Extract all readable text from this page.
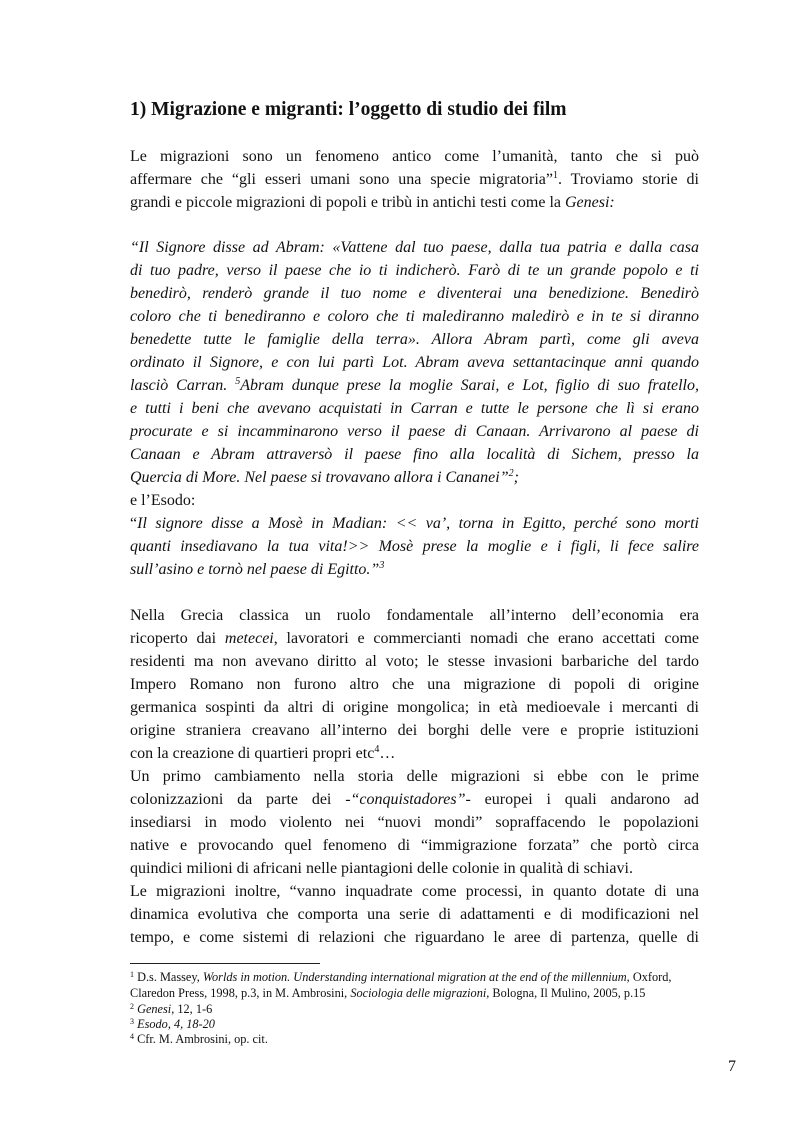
1) Migrazione e migranti: l’oggetto di studio dei film
Le migrazioni sono un fenomeno antico come l’umanità, tanto che si può
affermare che “gli esseri umani sono una specie migratoria”$^1$. Troviamo storie di
grandi e piccole migrazioni di popoli e tribù in antichi testi come la Genesi:
“Il Signore disse ad Abram: «Vattene dal tuo paese, dalla tua patria e dalla casa
di tuo padre, verso il paese che io ti indicherò. Farò di te un grande popolo e ti
benedirò, renderò grande il tuo nome e diventerai una benedizione. Benedirò
coloro che ti benediranno e coloro che ti malediranno maledirò e in te si diranno
benedette tutte le famiglie della terra». Allora Abram partì, come gli aveva
ordinato il Signore, e con lui partì Lot. Abram aveva settantacinque anni quando
lasciò Carran. $^5$Abram dunque prese la moglie Sarai, e Lot, figlio di suo fratello,
e tutti i beni che avevano acquistati in Carran e tutte le persone che lì si erano
procurate e si incamminarono verso il paese di Canaan. Arrivarono al paese di
Canaan e Abram attraversò il paese fino alla località di Sichem, presso la
Quercia di More. Nel paese si trovavano allora i Cananei”$^2$;
e l’Esodo:
“Il signore disse a Mosè in Madian: << va’, torna in Egitto, perché sono morti
quanti insediavano la tua vita!>> Mosè prese la moglie e i figli, li fece salire
sull’asino e tornò nel paese di Egitto.”$^3$
Nella Grecia classica un ruolo fondamentale all’interno dell’economia era
ricoperto dai metecei, lavoratori e commercianti nomadi che erano accettati come
residenti ma non avevano diritto al voto; le stesse invasioni barbariche del tardo
Impero Romano non furono altro che una migrazione di popoli di origine
germanica sospinti da altri di origine mongolica; in età medioevale i mercanti di
origine straniera creavano all’interno dei borghi delle vere e proprie istituzioni
con la creazione di quartieri propri etc$^4$…
Un primo cambiamento nella storia delle migrazioni si ebbe con le prime
colonizzazioni da parte dei -“conquistadores”- europei i quali andarono ad
insediarsi in modo violento nei “nuovi mondi” sopraffacendo le popolazioni
native e provocando quel fenomeno di “immigrazione forzata” che portò circa
quindici milioni di africani nelle piantagioni delle colonie in qualità di schiavi.
Le migrazioni inoltre, “vanno inquadrate come processi, in quanto dotate di una
dinamica evolutiva che comporta una serie di adattamenti e di modificazioni nel
tempo, e come sistemi di relazioni che riguardano le aree di partenza, quelle di
$^1$ D.s. Massey, Worlds in motion. Understanding international migration at the end of the millennium, Oxford,
Claredon Press, 1998, p.3, in M. Ambrosini, Sociologia delle migrazioni, Bologna, Il Mulino, 2005, p.15
$^2$ Genesi, 12, 1-6
$^3$ Esodo, 4, 18-20
$^4$ Cfr. M. Ambrosini, op. cit.
7
